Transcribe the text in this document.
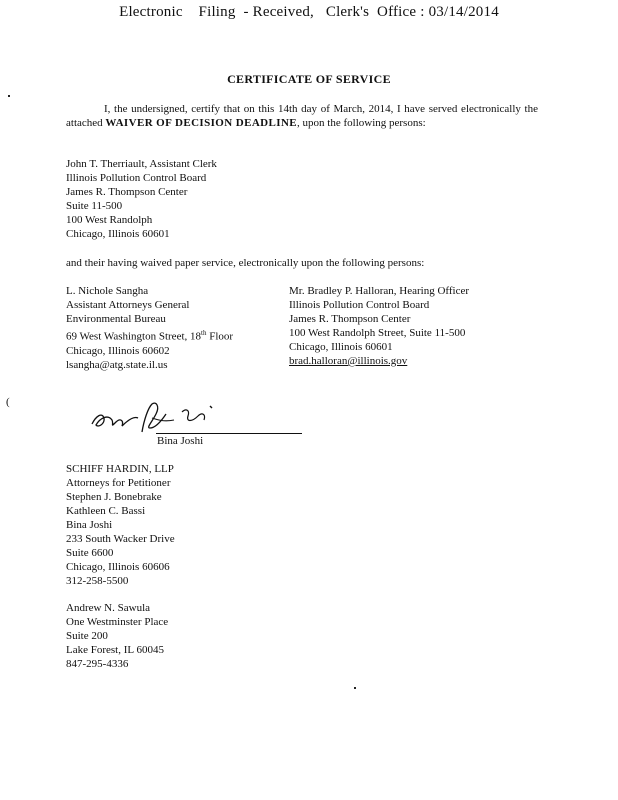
Electronic Filing - Received, Clerk's Office : 03/14/2014
CERTIFICATE OF SERVICE
I, the undersigned, certify that on this 14th day of March, 2014, I have served electronically the attached WAIVER OF DECISION DEADLINE, upon the following persons:
John T. Therriault, Assistant Clerk
Illinois Pollution Control Board
James R. Thompson Center
Suite 11-500
100 West Randolph
Chicago, Illinois 60601
and their having waived paper service, electronically upon the following persons:
L. Nichole Sangha
Assistant Attorneys General
Environmental Bureau
69 West Washington Street, 18th Floor
Chicago, Illinois 60602
lsangha@atg.state.il.us
Mr. Bradley P. Halloran, Hearing Officer
Illinois Pollution Control Board
James R. Thompson Center
100 West Randolph Street, Suite 11-500
Chicago, Illinois 60601
brad.halloran@illinois.gov
(
Bina Joshi
SCHIFF HARDIN, LLP
Attorneys for Petitioner
Stephen J. Bonebrake
Kathleen C. Bassi
Bina Joshi
233 South Wacker Drive
Suite 6600
Chicago, Illinois 60606
312-258-5500
Andrew N. Sawula
One Westminster Place
Suite 200
Lake Forest, IL 60045
847-295-4336
